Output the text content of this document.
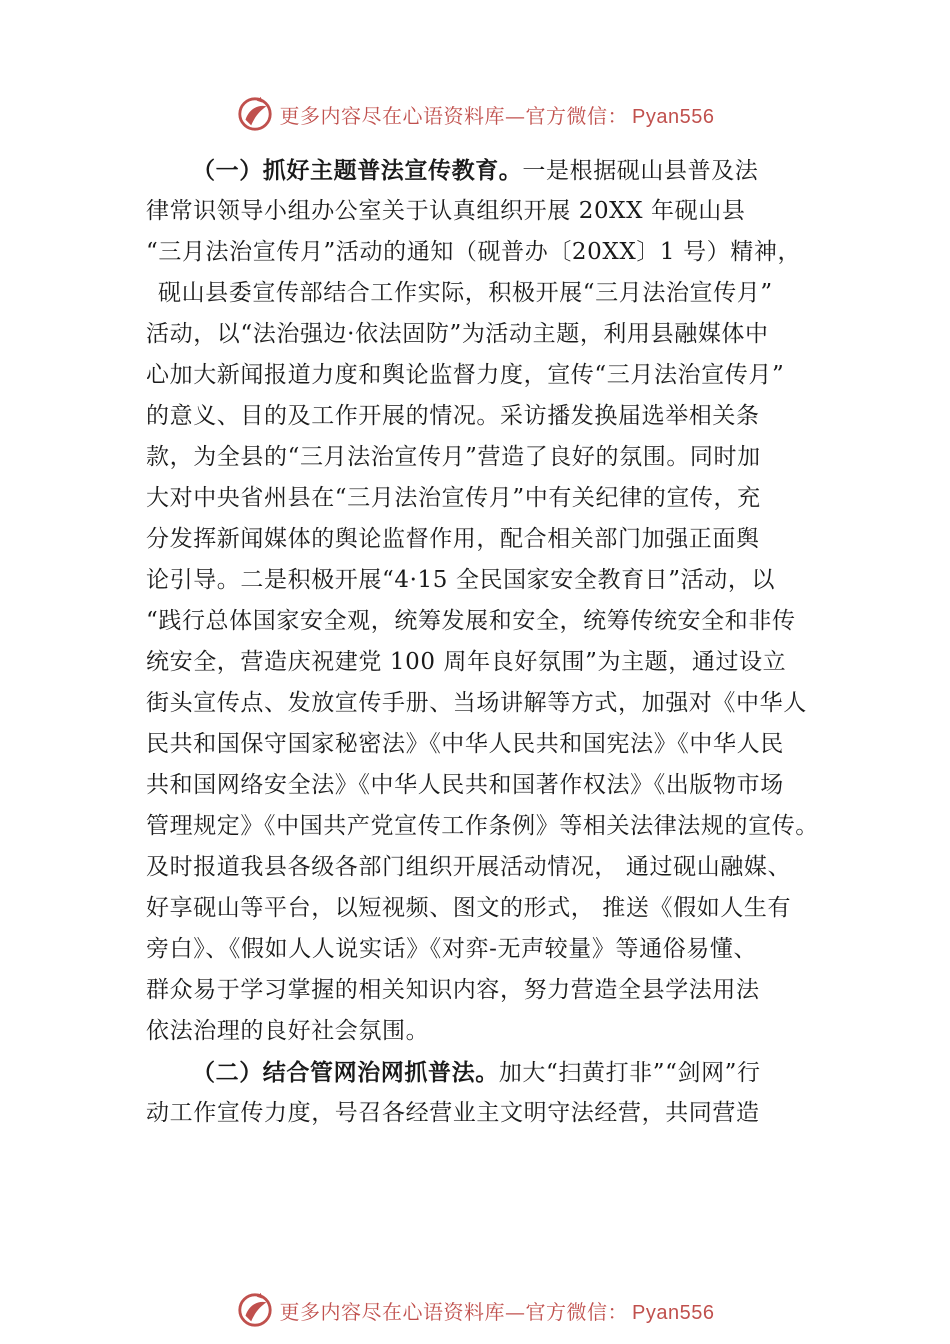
更多内容尽在心语资料库—官方微信： Pyan556
（一）抓好主题普法宣传教育。一是根据砚山县普及法
律常识领导小组办公室关于认真组织开展 20XX 年砚山县
“三月法治宣传月”活动的通知（砚普办〔20XX〕1 号）精神，
砚山县委宣传部结合工作实际，积极开展“三月法治宣传月”
活动，以“法治强边·依法固防”为活动主题，利用县融媒体中
心加大新闻报道力度和舆论监督力度，宣传“三月法治宣传月”
的意义、目的及工作开展的情况。采访播发换届选举相关条
款，为全县的“三月法治宣传月”营造了良好的氛围。同时加
大对中央省州县在“三月法治宣传月”中有关纪律的宣传，充
分发挥新闻媒体的舆论监督作用，配合相关部门加强正面舆
论引导。二是积极开展“4·15 全民国家安全教育日”活动，以
“践行总体国家安全观，统筹发展和安全，统筹传统安全和非传
统安全，营造庆祝建党 100 周年良好氛围”为主题，通过设立
街头宣传点、发放宣传手册、当场讲解等方式，加强对《中华人
民共和国保守国家秘密法》《中华人民共和国宪法》《中华人民
共和国网络安全法》《中华人民共和国著作权法》《出版物市场
管理规定》《中国共产党宣传工作条例》等相关法律法规的宣传。
及时报道我县各级各部门组织开展活动情况， 通过砚山融媒、
好享砚山等平台，以短视频、图文的形式， 推送《假如人生有
旁白》、《假如人人说实话》《对弈-无声较量》等通俗易懂、
群众易于学习掌握的相关知识内容，努力营造全县学法用法
依法治理的良好社会氛围。
（二）结合管网治网抓普法。加大“扫黄打非”“剑网”行
动工作宣传力度，号召各经营业主文明守法经营，共同营造
更多内容尽在心语资料库—官方微信： Pyan556
